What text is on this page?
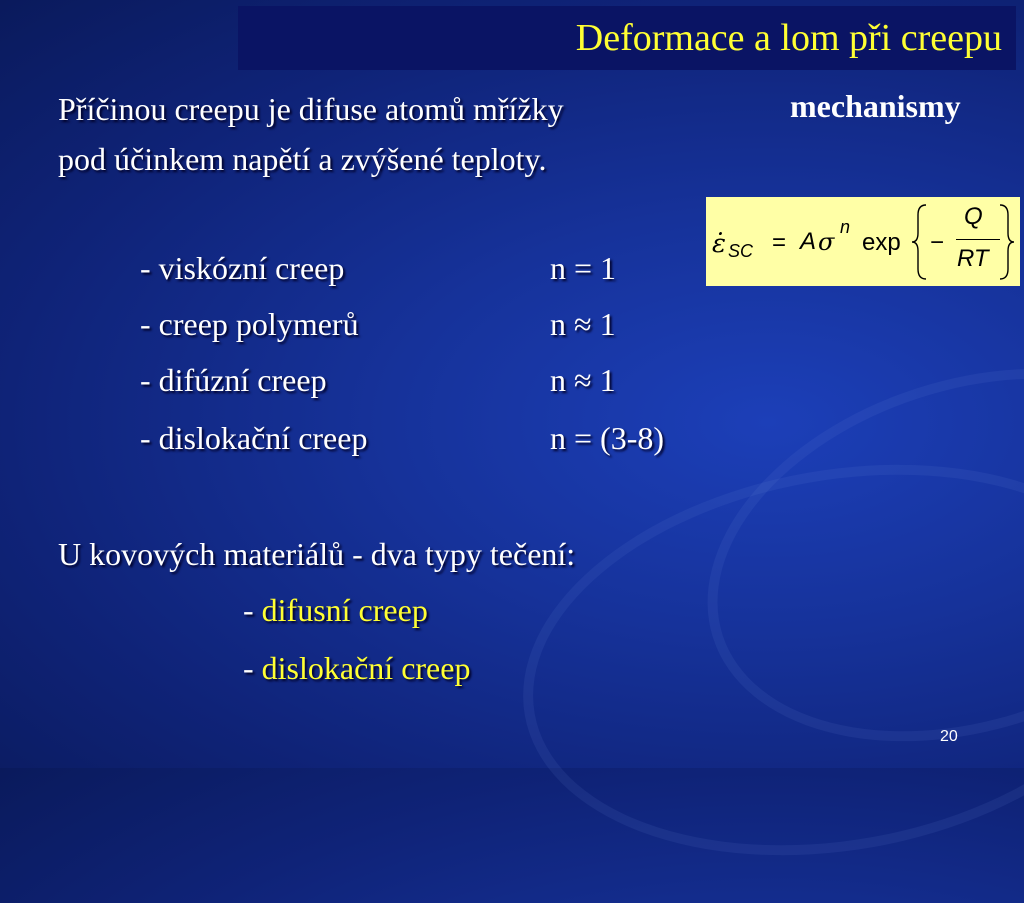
Deformace a lom při creepu
mechanismy
Příčinou creepu je difuse atomů mřížky
pod účinkem napětí a zvýšené teploty.
ε̇ SC = A σ
n
exp −
Q
RT
- viskózní creep	n = 1
- creep polymerů	n ≈ 1
- difúzní creep	n ≈ 1
- dislokační creep	n = (3-8)
U kovových materiálů - dva typy tečení:
- difusní creep
- dislokační creep
20
